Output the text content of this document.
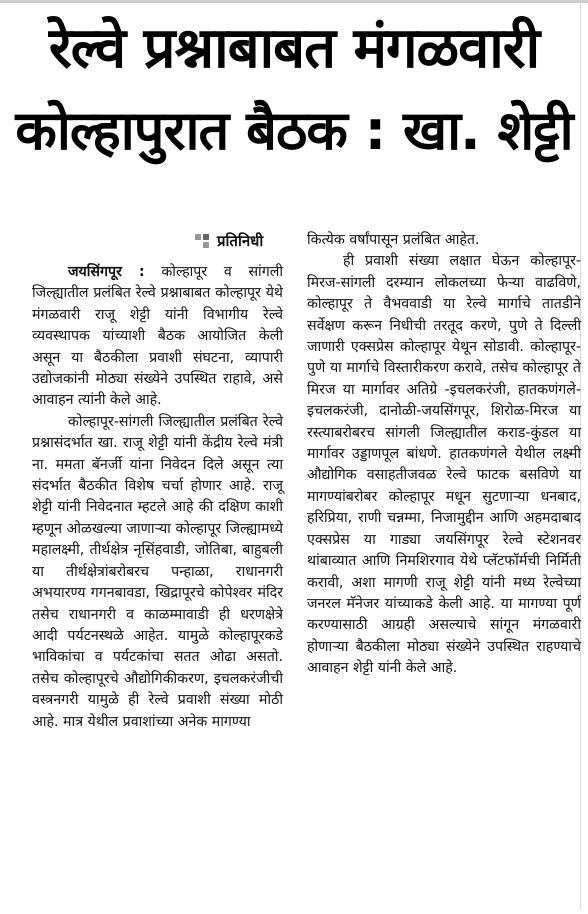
रेल्वे प्रश्नाबाबत मंगळवारी
कोल्हापुरात बैठक : खा. शेट्टी
प्रतिनिधी

जयसिंगपूर : कोल्हापूर व सांगली जिल्ह्यातील प्रलंबित रेल्वे प्रश्नाबाबत कोल्हापूर येथे मंगळवारी राजू शेट्टी यांनी विभागीय रेल्वे व्यवस्थापक यांच्याशी बैठक आयोजित केली असून या बैठकीला प्रवाशी संघटना, व्यापारी उद्योजकांनी मोठ्या संख्येने उपस्थित राहावे, असे आवाहन त्यांनी केले आहे.

कोल्हापूर-सांगली जिल्ह्यातील प्रलंबित रेल्वे प्रश्नासंदर्भात खा. राजू शेट्टी यांनी केंद्रीय रेल्वे मंत्री ना. ममता बॅनर्जी यांना निवेदन दिले असून त्या संदर्भात बैठकीत विशेष चर्चा होणार आहे. राजू शेट्टी यांनी निवेदनात म्हटले आहे की दक्षिण काशी म्हणून ओळखल्या जाणाऱ्या कोल्हापूर जिल्ह्यामध्ये महालक्ष्मी, तीर्थक्षेत्र नृसिंहवाडी, जोतिबा, बाहुबली या तीर्थक्षेत्रांबरोबरच पन्हाळा, राधानगरी अभयारण्य गगनबावडा, खिद्रापूरचे कोपेश्वर मंदिर तसेच राधानगरी व काळम्मावाडी ही धरणक्षेत्रे आदी पर्यटनस्थळे आहेत. यामुळे कोल्हापूरकडे भाविकांचा व पर्यटकांचा सतत ओढा असतो. तसेच कोल्हापूरचे औद्योगिकीकरण, इचलकरंजीची वस्त्रनगरी यामुळे ही रेल्वे प्रवाशी संख्या मोठी आहे. मात्र येथील प्रवाशांच्या अनेक मागण्या

कित्येक वर्षांपासून प्रलंबित आहेत.

ही प्रवाशी संख्या लक्षात घेऊन कोल्हापूर-मिरज-सांगली दरम्यान लोकलच्या फेऱ्या वाढविणे, कोल्हापूर ते वैभववाडी या रेल्वे मार्गाचे तातडीने सर्वेक्षण करून निधीची तरतूद करणे, पुणे ते दिल्ली जाणारी एक्सप्रेस कोल्हापूर येथून सोडावी. कोल्हापूर-पुणे या मार्गाचे विस्तारीकरण करावे, तसेच कोल्हापूर ते मिरज या मार्गावर अतिग्रे -इचलकरंजी, हातकणंगले-इचलकरंजी, दानोळी-जयसिंगपूर, शिरोळ-मिरज या रस्त्याबरोबरच सांगली जिल्ह्यातील कराड-कुंडल या मार्गावर उड्डाणपूल बांधणे. हातकणंगले येथील लक्ष्मी औद्योगिक वसाहतीजवळ रेल्वे फाटक बसविणे या मागण्यांबरोबर कोल्हापूर मधून सुटणाऱ्या धनबाद, हरिप्रिया, राणी चन्नम्मा, निजामुद्दीन आणि अहमदाबाद एक्सप्रेस या गाड्या जयसिंगपूर रेल्वे स्टेशनवर थांबाव्यात आणि निमशिरगाव येथे प्लॅटफॉर्मची निर्मिती करावी, अशा मागणी राजू शेट्टी यांनी मध्य रेल्वेच्या जनरल मॅनेजर यांच्याकडे केली आहे. या मागण्या पूर्ण करण्यासाठी आग्रही असल्याचे सांगून मंगळवारी होणाऱ्या बैठकीला मोठ्या संख्येने उपस्थित राहण्याचे आवाहन शेट्टी यांनी केले आहे.
